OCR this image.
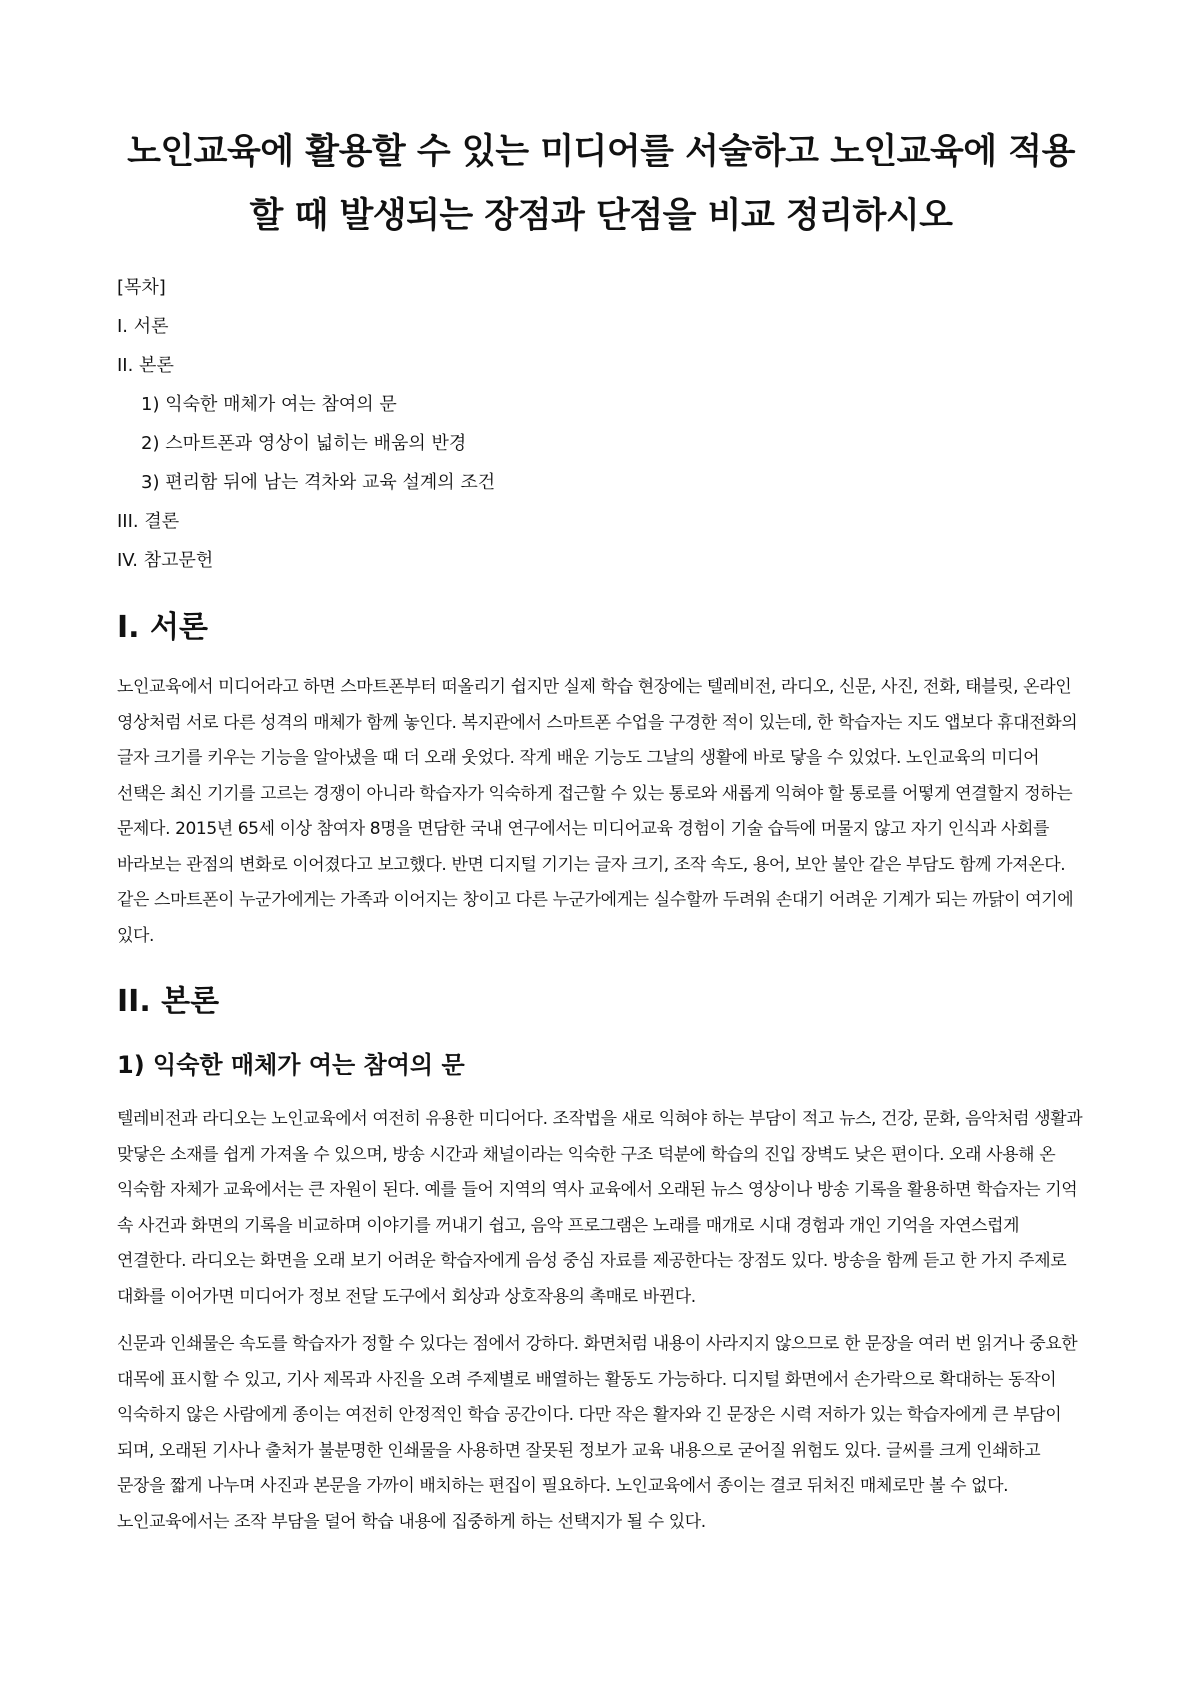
노인교육에 활용할 수 있는 미디어를 서술하고 노인교육에 적용할 때 발생되는 장점과 단점을 비교 정리하시오
[목차]
I. 서론
II. 본론
1) 익숙한 매체가 여는 참여의 문
2) 스마트폰과 영상이 넓히는 배움의 반경
3) 편리함 뒤에 남는 격차와 교육 설계의 조건
III. 결론
IV. 참고문헌
I. 서론

노인교육에서 미디어라고 하면 스마트폰부터 떠올리기 쉽지만 실제 학습 현장에는 텔레비전, 라디오, 신문, 사진, 전화, 태블릿, 온라인 영상처럼 서로 다른 성격의 매체가 함께 놓인다. 복지관에서 스마트폰 수업을 구경한 적이 있는데, 한 학습자는 지도 앱보다 휴대전화의 글자 크기를 키우는 기능을 알아냈을 때 더 오래 웃었다. 작게 배운 기능도 그날의 생활에 바로 닿을 수 있었다. 노인교육의 미디어 선택은 최신 기기를 고르는 경쟁이 아니라 학습자가 익숙하게 접근할 수 있는 통로와 새롭게 익혀야 할 통로를 어떻게 연결할지 정하는 문제다. 2015년 65세 이상 참여자 8명을 면담한 국내 연구에서는 미디어교육 경험이 기술 습득에 머물지 않고 자기 인식과 사회를 바라보는 관점의 변화로 이어졌다고 보고했다. 반면 디지털 기기는 글자 크기, 조작 속도, 용어, 보안 불안 같은 부담도 함께 가져온다. 같은 스마트폰이 누군가에게는 가족과 이어지는 창이고 다른 누군가에게는 실수할까 두려워 손대기 어려운 기계가 되는 까닭이 여기에 있다.

II. 본론
1) 익숙한 매체가 여는 참여의 문

텔레비전과 라디오는 노인교육에서 여전히 유용한 미디어다. 조작법을 새로 익혀야 하는 부담이 적고 뉴스, 건강, 문화, 음악처럼 생활과 맞닿은 소재를 쉽게 가져올 수 있으며, 방송 시간과 채널이라는 익숙한 구조 덕분에 학습의 진입 장벽도 낮은 편이다. 오래 사용해 온 익숙함 자체가 교육에서는 큰 자원이 된다. 예를 들어 지역의 역사 교육에서 오래된 뉴스 영상이나 방송 기록을 활용하면 학습자는 기억 속 사건과 화면의 기록을 비교하며 이야기를 꺼내기 쉽고, 음악 프로그램은 노래를 매개로 시대 경험과 개인 기억을 자연스럽게 연결한다. 라디오는 화면을 오래 보기 어려운 학습자에게 음성 중심 자료를 제공한다는 장점도 있다. 방송을 함께 듣고 한 가지 주제로 대화를 이어가면 미디어가 정보 전달 도구에서 회상과 상호작용의 촉매로 바뀐다.

신문과 인쇄물은 속도를 학습자가 정할 수 있다는 점에서 강하다. 화면처럼 내용이 사라지지 않으므로 한 문장을 여러 번 읽거나 중요한 대목에 표시할 수 있고, 기사 제목과 사진을 오려 주제별로 배열하는 활동도 가능하다. 디지털 화면에서 손가락으로 확대하는 동작이 익숙하지 않은 사람에게 종이는 여전히 안정적인 학습 공간이다. 다만 작은 활자와 긴 문장은 시력 저하가 있는 학습자에게 큰 부담이 되며, 오래된 기사나 출처가 불분명한 인쇄물을 사용하면 잘못된 정보가 교육 내용으로 굳어질 위험도 있다. 글씨를 크게 인쇄하고 문장을 짧게 나누며 사진과 본문을 가까이 배치하는 편집이 필요하다. 노인교육에서 종이는 결코 뒤처진 매체로만 볼 수 없다. 노인교육에서는 조작 부담을 덜어 학습 내용에 집중하게 하는 선택지가 될 수 있다.
